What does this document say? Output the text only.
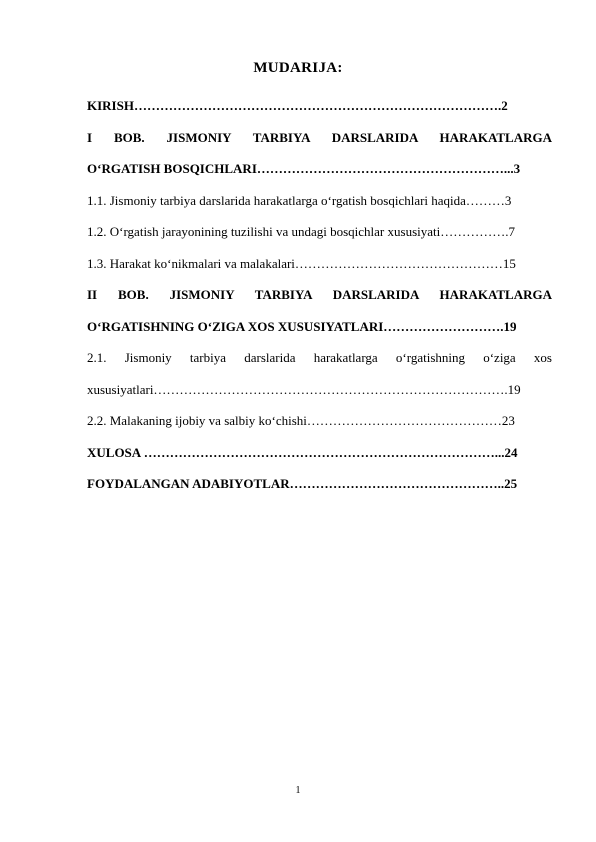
MUDARIJA:
KIRISH………………………………………………………………………….2
I BOB. JISMONIY TARBIYA DARSLARIDA HARAKATLARGA
O‘RGATISH BOSQICHLARI…………………………………………………...3
1.1. Jismoniy tarbiya darslarida harakatlarga o‘rgatish bosqichlari haqida………3
1.2. O‘rgatish jarayonining tuzilishi va undagi bosqichlar xususiyati…………….7
1.3. Harakat ko‘nikmalari va malakalari…………………………………………15
II BOB. JISMONIY TARBIYA DARSLARIDA HARAKATLARGA
O‘RGATISHNING O‘ZIGA XOS XUSUSIYATLARI……………………….19
2.1. Jismoniy tarbiya darslarida harakatlarga o‘rgatishning o‘ziga xos
xususiyatlari……………………………………………………………………….19
2.2. Malakaning ijobiy va salbiy ko‘chishi………………………………………23
XULOSA ………………………………………………………………………...24
FOYDALANGAN ADABIYOTLAR…………………………………………..25
1
